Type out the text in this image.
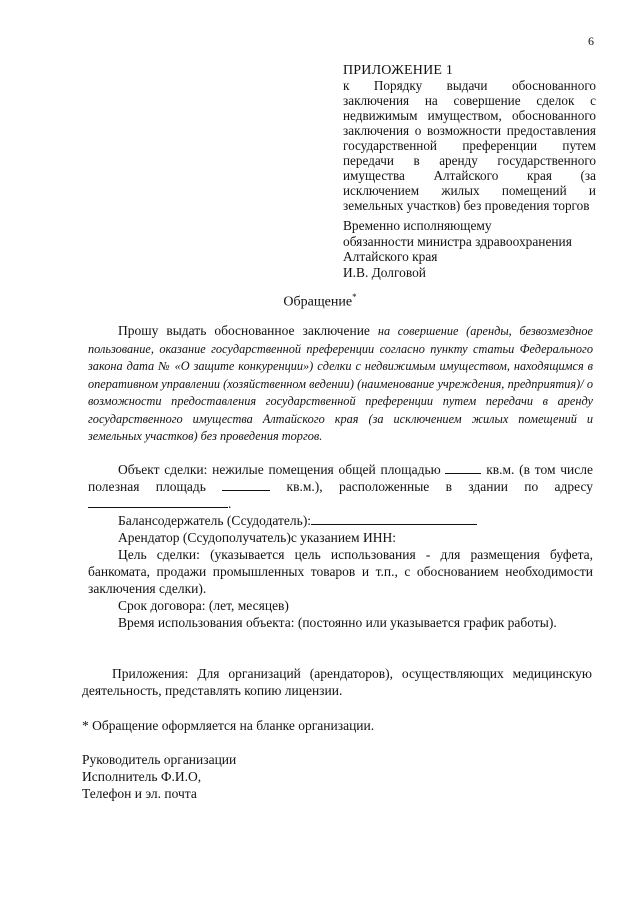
6
ПРИЛОЖЕНИЕ 1
к Порядку выдачи обоснованного заключения на совершение сделок с недвижимым имуществом, обоснованного заключения о возможности предоставления государственной преференции путем передачи в аренду государственного имущества Алтайского края (за исключением жилых помещений и земельных участков) без проведения торгов
Временно исполняющему
обязанности министра здравоохранения
Алтайского края
И.В. Долговой
Обращение*
Прошу выдать обоснованное заключение на совершение (аренды, безвозмездное пользование, оказание государственной преференции согласно пункту статьи Федерального закона дата № «О защите конкуренции») сделки с недвижимым имуществом, находящимся в оперативном управлении (хозяйственном ведении) (наименование учреждения, предприятия)/ о возможности предоставления государственной преференции путем передачи в аренду государственного имущества Алтайского края (за исключением жилых помещений и земельных участков) без проведения торгов.
Объект сделки: нежилые помещения общей площадью	кв.м. (в том числе полезная площадь	кв.м.), расположенные в здании по адресу.
Балансодержатель (Ссудодатель):
Арендатор (Ссудополучатель)с указанием ИНН:
Цель сделки: (указывается цель использования - для размещения буфета, банкомата, продажи промышленных товаров и т.п., с обоснованием необходимости заключения сделки).
Срок договора: (лет, месяцев)
Время использования объекта: (постоянно или указывается график работы).
Приложения: Для организаций (арендаторов), осуществляющих медицинскую деятельность, представлять копию лицензии.
* Обращение оформляется на бланке организации.
Руководитель организации
Исполнитель Ф.И.О,
Телефон и эл. почта
